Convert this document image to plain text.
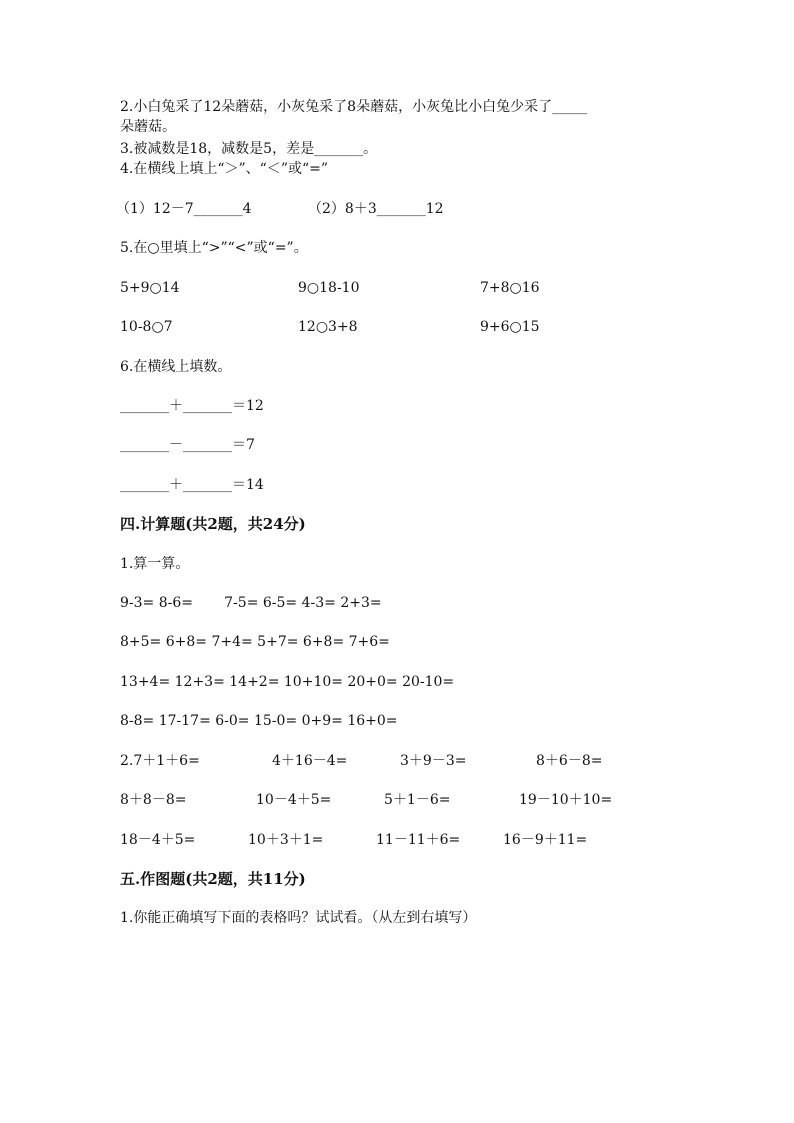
2.小白兔采了12朵蘑菇，小灰兔采了8朵蘑菇，小灰兔比小白兔少采了_____
朵蘑菇。
3.被减数是18，减数是5，差是_______。
4.在横线上填上“＞”、“＜”或“=”
（1）12－7_______4	（2）8＋3_______12
5.在○里填上“>”“<”或“=”。
5+9○14	9○18-10	7+8○16
10-8○7	12○3+8	9+6○15
6.在横线上填数。
_______＋_______＝12
_______－_______＝7
_______＋_______＝14
四.计算题(共2题，共24分)
1.算一算。
9-3= 8-6=       7-5= 6-5= 4-3= 2+3=
8+5= 6+8= 7+4= 5+7= 6+8= 7+6=
13+4= 12+3= 14+2= 10+10= 20+0= 20-10=
8-8= 17-17= 6-0= 15-0= 0+9= 16+0=
2.7＋1＋6=	4＋16－4=	3＋9－3=	8＋6－8=
8＋8－8=	10－4＋5=	5＋1－6=	19－10＋10=
18－4＋5=	10＋3＋1=	11－11＋6=	16－9＋11=
五.作图题(共2题，共11分)
1.你能正确填写下面的表格吗？试试看。（从左到右填写）
